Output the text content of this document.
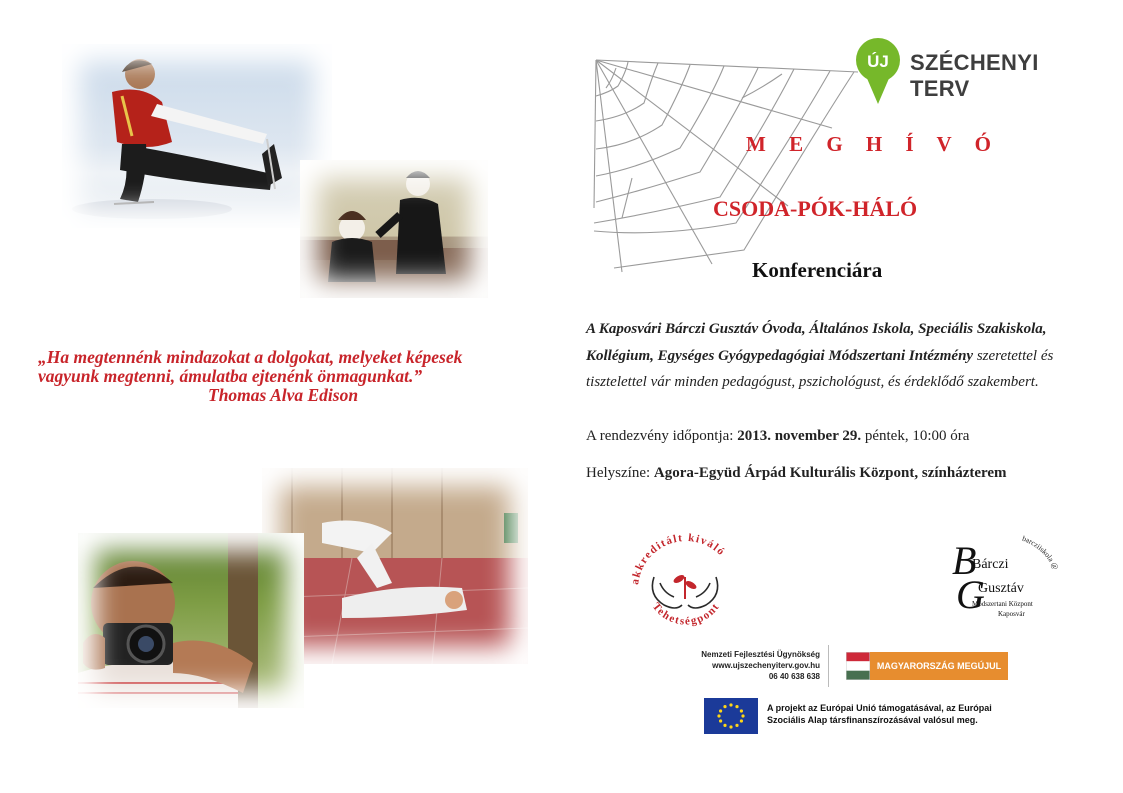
„Ha megtennénk mindazokat a dolgokat, melyeket képesek
vagyunk megtenni, ámulatba ejtenénk önmagunkat.”

Thomas Alva Edison
ÚJ SZÉCHENYI TERV
M E G H Í V Ó
CSODA-PÓK-HÁLÓ
Konferenciára
A Kaposvári Bárczi Gusztáv Óvoda, Általános Iskola, Speciális Szakiskola,
Kollégium, Egységes Gyógypedagógiai Módszertani Intézmény szeretettel és
tisztelettel vár minden pedagógust, pszichológust, és érdeklődő szakembert.
A rendezvény időpontja: 2013. november 29. péntek, 10:00 óra
Helyszíne: Agora-Együd Árpád Kulturális Központ, színházterem
akkreditált kiváló
Tehetségpont
barcziiskola @
B
G
Bárczi
Gusztáv
Módszertani Központ
Kaposvár
Nemzeti Fejlesztési Ügynökség
www.ujszechenyiterv.gov.hu
06 40 638 638
MAGYARORSZÁG MEGÚJUL
A projekt az Európai Unió támogatásával, az Európai
Szociális Alap társfinanszírozásával valósul meg.
